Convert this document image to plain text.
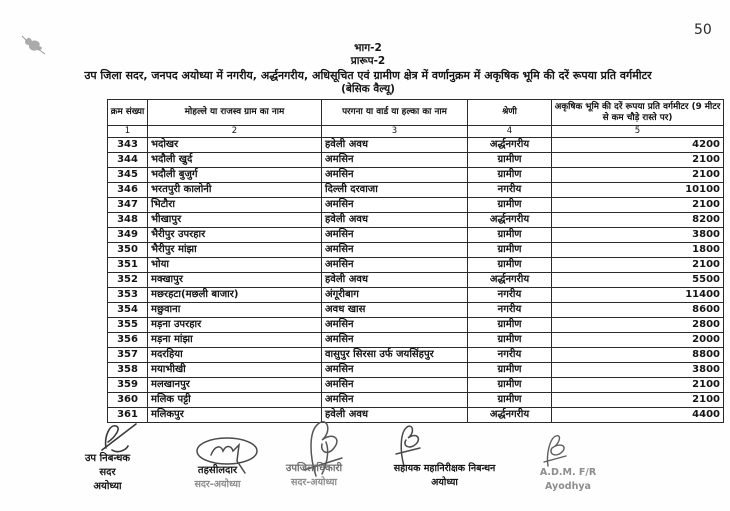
50
भाग-2
प्रारूप-2
उप जिला सदर, जनपद अयोध्या में नगरीय, अर्द्धनगरीय, अधिसूचित एवं ग्रामीण क्षेत्र में वर्णानुक्रम में अकृषिक भूमि की दरें रूपया प्रति वर्गमीटर
(बेसिक वैल्यू)
क्रम संख्या	मोहल्ले या राजस्व ग्राम का नाम	परगना या वार्ड या हल्का का नाम	श्रेणी	अकृषिक भूमि की दरें रूपया प्रति वर्गमीटर (9 मीटर से कम चौड़े रास्ते पर)
1	2	3	4	5
343	भदोखर	हवेली अवध	अर्द्धनगरीय	4200
344	भदौली खुर्द	अमसिन	ग्रामीण	2100
345	भदौली बुजुर्ग	अमसिन	ग्रामीण	2100
346	भरतपुरी कालोनी	दिल्ली दरवाजा	नगरीय	10100
347	भिटौरा	अमसिन	ग्रामीण	2100
348	भीखापुर	हवेली अवध	अर्द्धनगरीय	8200
349	भैरीपुर उपरहार	अमसिन	ग्रामीण	3800
350	भैरीपुर मांझा	अमसिन	ग्रामीण	1800
351	भोया	अमसिन	ग्रामीण	2100
352	मक्खापुर	हवेली अवध	अर्द्धनगरीय	5500
353	मछरहटा(मछली बाजार)	अंगूरीबाग	नगरीय	11400
354	मछुवाना	अवध खास	नगरीय	8600
355	मड़ना उपरहार	अमसिन	ग्रामीण	2800
356	मड़ना मांझा	अमसिन	ग्रामीण	2000
357	मदरहिया	वासुपुर सिरसा उर्फ जयसिंहपुर	नगरीय	8800
358	मयाभीखी	अमसिन	ग्रामीण	3800
359	मलखानपुर	अमसिन	ग्रामीण	2100
360	मलिक पट्टी	अमसिन	ग्रामीण	2100
361	मलिकपुर	हवेली अवध	अर्द्धनगरीय	4400
उप निबन्धक
सदर
अयोध्या
तहसीलदार
सदर-अयोध्या
उपजिलाधिकारी
सदर-अयोध्या
सहायक महानिरीक्षक निबन्धन
अयोध्या
A.D.M. F/R
Ayodhya
